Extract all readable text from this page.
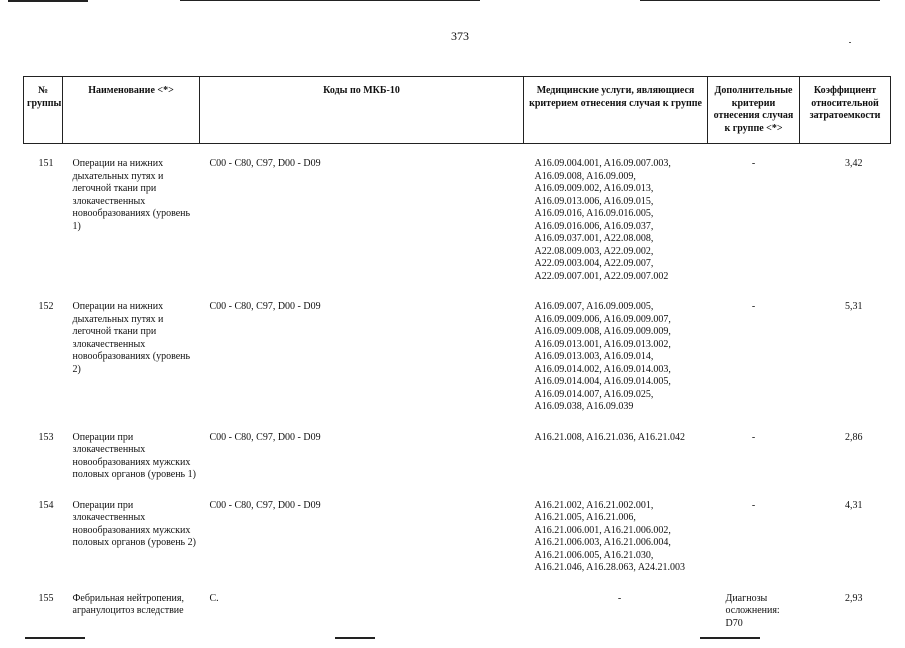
373
№ группы	Наименование <*>	Коды по МКБ-10	Медицинские услуги, являющиеся критерием отнесения случая к группе	Дополнительные критерии отнесения случая к группе <*>	Коэффициент относительной затратоемкости
151	Операции на нижних дыхательных путях и легочной ткани при злокачественных новообразованиях (уровень 1)	C00 - C80, C97, D00 - D09	A16.09.004.001, A16.09.007.003, A16.09.008, A16.09.009, A16.09.009.002, A16.09.013, A16.09.013.006, A16.09.015, A16.09.016, A16.09.016.005, A16.09.016.006, A16.09.037, A16.09.037.001, A22.08.008, A22.08.009.003, A22.09.002, A22.09.003.004, A22.09.007, A22.09.007.001, A22.09.007.002	-	3,42
152	Операции на нижних дыхательных путях и легочной ткани при злокачественных новообразованиях (уровень 2)	C00 - C80, C97, D00 - D09	A16.09.007, A16.09.009.005, A16.09.009.006, A16.09.009.007, A16.09.009.008, A16.09.009.009, A16.09.013.001, A16.09.013.002, A16.09.013.003, A16.09.014, A16.09.014.002, A16.09.014.003, A16.09.014.004, A16.09.014.005, A16.09.014.007, A16.09.025, A16.09.038, A16.09.039	-	5,31
153	Операции при злокачественных новообразованиях мужских половых органов (уровень 1)	C00 - C80, C97, D00 - D09	A16.21.008, A16.21.036, A16.21.042	-	2,86
154	Операции при злокачественных новообразованиях мужских половых органов (уровень 2)	C00 - C80, C97, D00 - D09	A16.21.002, A16.21.002.001, A16.21.005, A16.21.006, A16.21.006.001, A16.21.006.002, A16.21.006.003, A16.21.006.004, A16.21.006.005, A16.21.030, A16.21.046, A16.28.063, A24.21.003	-	4,31
155	Фебрильная нейтропения, агранулоцитоз вследствие	C.	-	Диагнозы осложнения: D70	2,93
